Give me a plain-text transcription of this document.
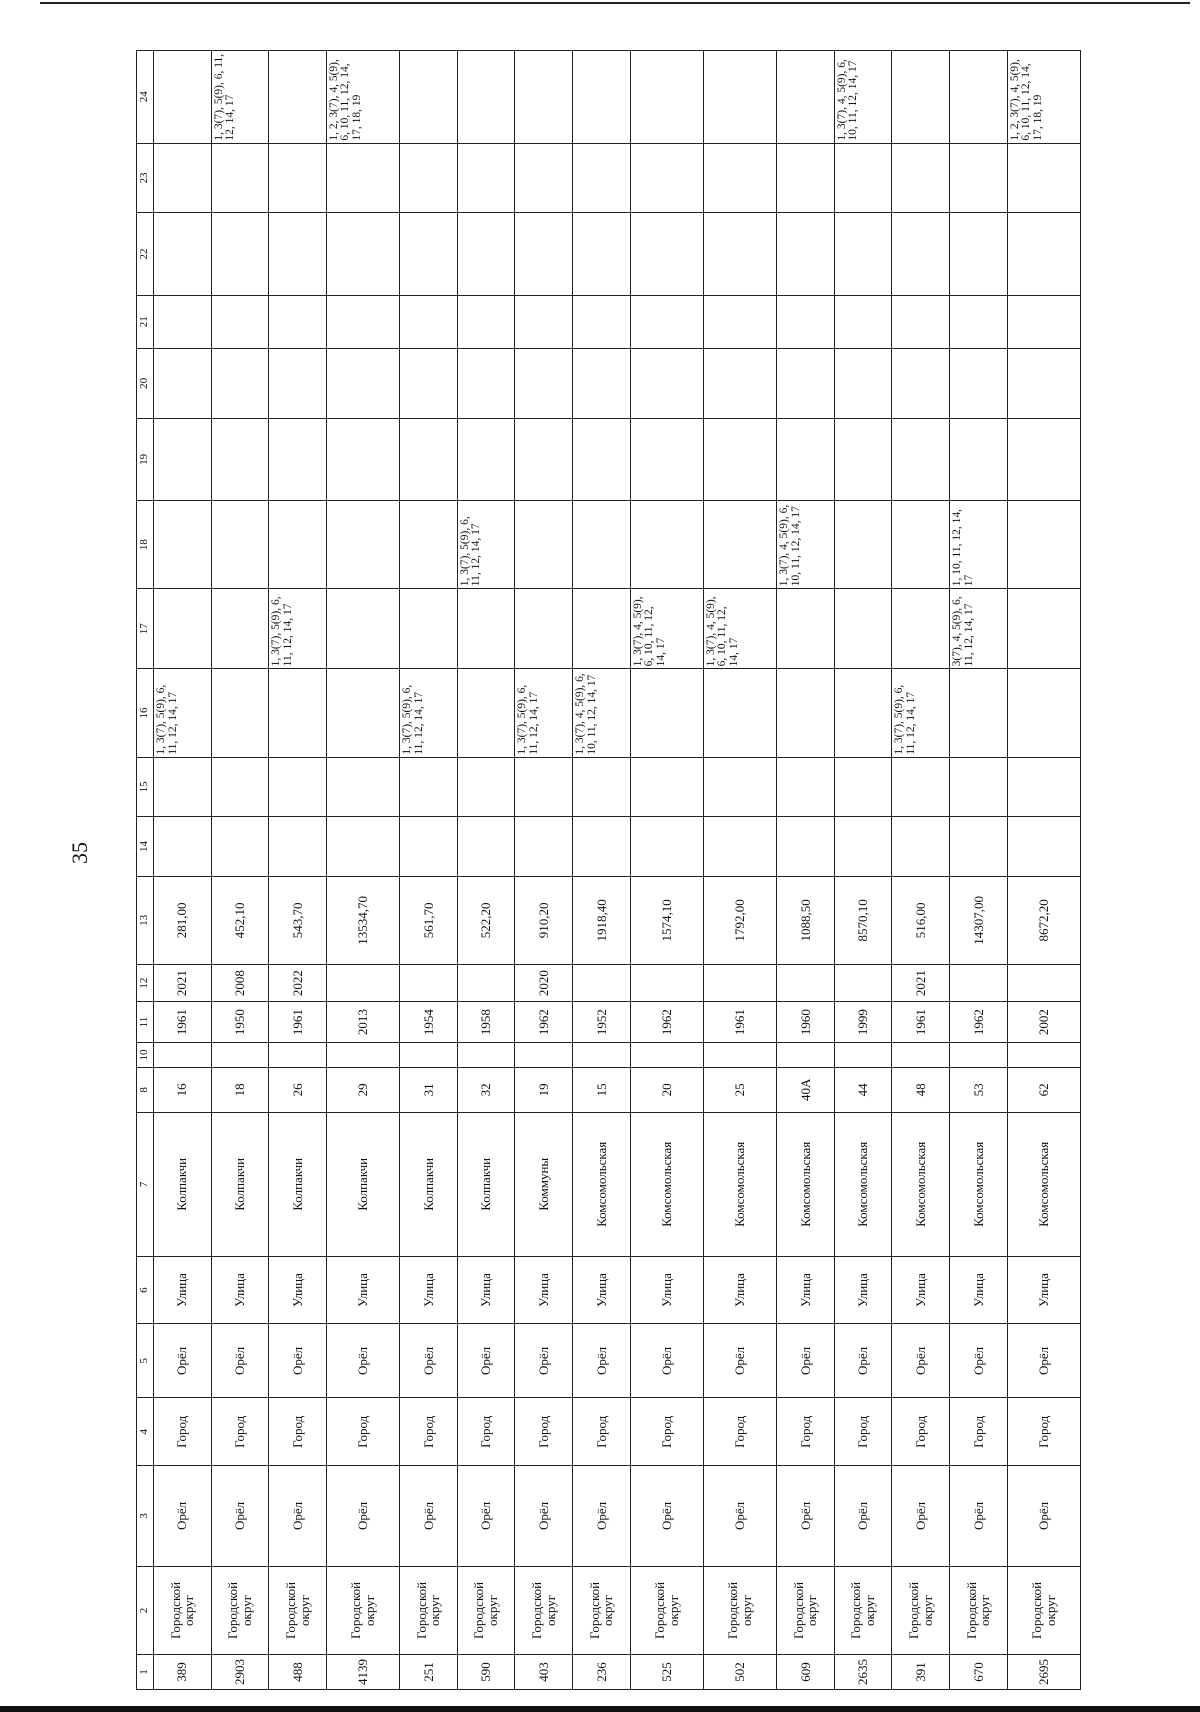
35
1	2	3	4	5	6	7	8	10	11	12	13	14	15	16	17	18	19	20	21	22	23	24
389	Городской округ	Орёл	Город	Орёл	Улица	Колпакчи	16		1961	2021	281,00			1, 3(7), 5(9), 6, 11, 12, 14, 17								
2903	Городской округ	Орёл	Город	Орёл	Улица	Колпакчи	18		1950	2008	452,10											1, 3(7), 5(9), 6, 11, 12, 14, 17
488	Городской округ	Орёл	Город	Орёл	Улица	Колпакчи	26		1961	2022	543,70				1, 3(7), 5(9), 6, 11, 12, 14, 17							
4139	Городской округ	Орёл	Город	Орёл	Улица	Колпакчи	29		2013		13534,70											1, 2, 3(7), 4, 5(9), 6, 10, 11, 12, 14, 17, 18, 19
251	Городской округ	Орёл	Город	Орёл	Улица	Колпакчи	31		1954		561,70			1, 3(7), 5(9), 6, 11, 12, 14, 17								
590	Городской округ	Орёл	Город	Орёл	Улица	Колпакчи	32		1958		522,20					1, 3(7), 5(9), 6, 11, 12, 14, 17						
403	Городской округ	Орёл	Город	Орёл	Улица	Коммуны	19		1962	2020	910,20			1, 3(7), 5(9), 6, 11, 12, 14, 17								
236	Городской округ	Орёл	Город	Орёл	Улица	Комсомольская	15		1952		1918,40			1, 3(7), 4, 5(9), 6, 10, 11, 12, 14, 17								
525	Городской округ	Орёл	Город	Орёл	Улица	Комсомольская	20		1962		1574,10				1, 3(7), 4, 5(9), 6, 10, 11, 12, 14, 17							
502	Городской округ	Орёл	Город	Орёл	Улица	Комсомольская	25		1961		1792,00				1, 3(7), 4, 5(9), 6, 10, 11, 12, 14, 17							
609	Городской округ	Орёл	Город	Орёл	Улица	Комсомольская	40А		1960		1088,50					1, 3(7), 4, 5(9), 6, 10, 11, 12, 14, 17						
2635	Городской округ	Орёл	Город	Орёл	Улица	Комсомольская	44		1999		8570,10											1, 3(7), 4, 5(9), 6, 10, 11, 12, 14, 17
391	Городской округ	Орёл	Город	Орёл	Улица	Комсомольская	48		1961	2021	516,00			1, 3(7), 5(9), 6, 11, 12, 14, 17								
670	Городской округ	Орёл	Город	Орёл	Улица	Комсомольская	53		1962		14307,00				3(7), 4, 5(9), 6, 11, 12, 14, 17	1, 10, 11, 12, 14, 17						
2695	Городской округ	Орёл	Город	Орёл	Улица	Комсомольская	62		2002		8672,20											1, 2, 3(7), 4, 5(9), 6, 10, 11, 12, 14, 17, 18, 19
